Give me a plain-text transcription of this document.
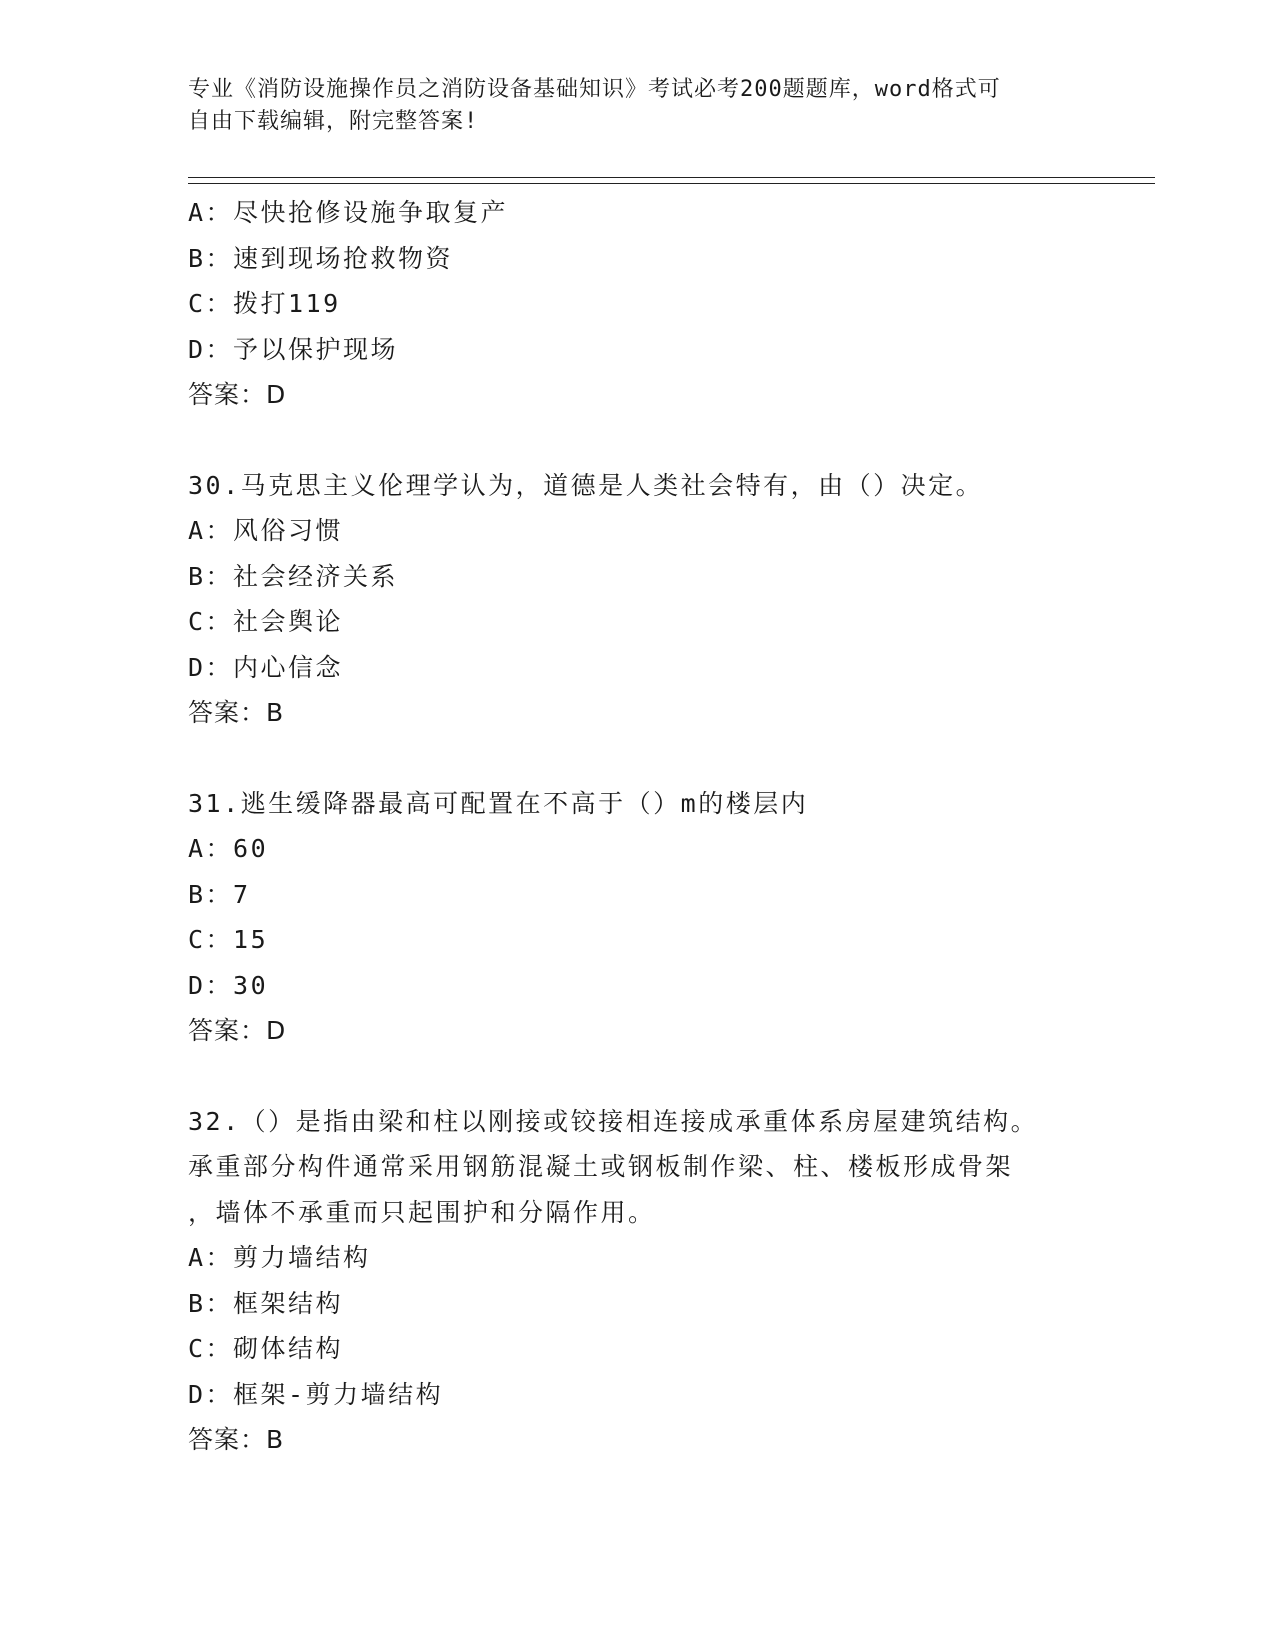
专业《消防设施操作员之消防设备基础知识》考试必考200题题库，word格式可
自由下载编辑，附完整答案!
A：尽快抢修设施争取复产
B：速到现场抢救物资
C：拨打119
D：予以保护现场
答案：D
30.马克思主义伦理学认为，道德是人类社会特有，由（）决定。
A：风俗习惯
B：社会经济关系
C：社会舆论
D：内心信念
答案：B
31.逃生缓降器最高可配置在不高于（）m的楼层内
A：60
B：7
C：15
D：30
答案：D
32.（）是指由梁和柱以刚接或铰接相连接成承重体系房屋建筑结构。
承重部分构件通常采用钢筋混凝土或钢板制作梁、柱、楼板形成骨架
，墙体不承重而只起围护和分隔作用。
A：剪力墙结构
B：框架结构
C：砌体结构
D：框架-剪力墙结构
答案：B
